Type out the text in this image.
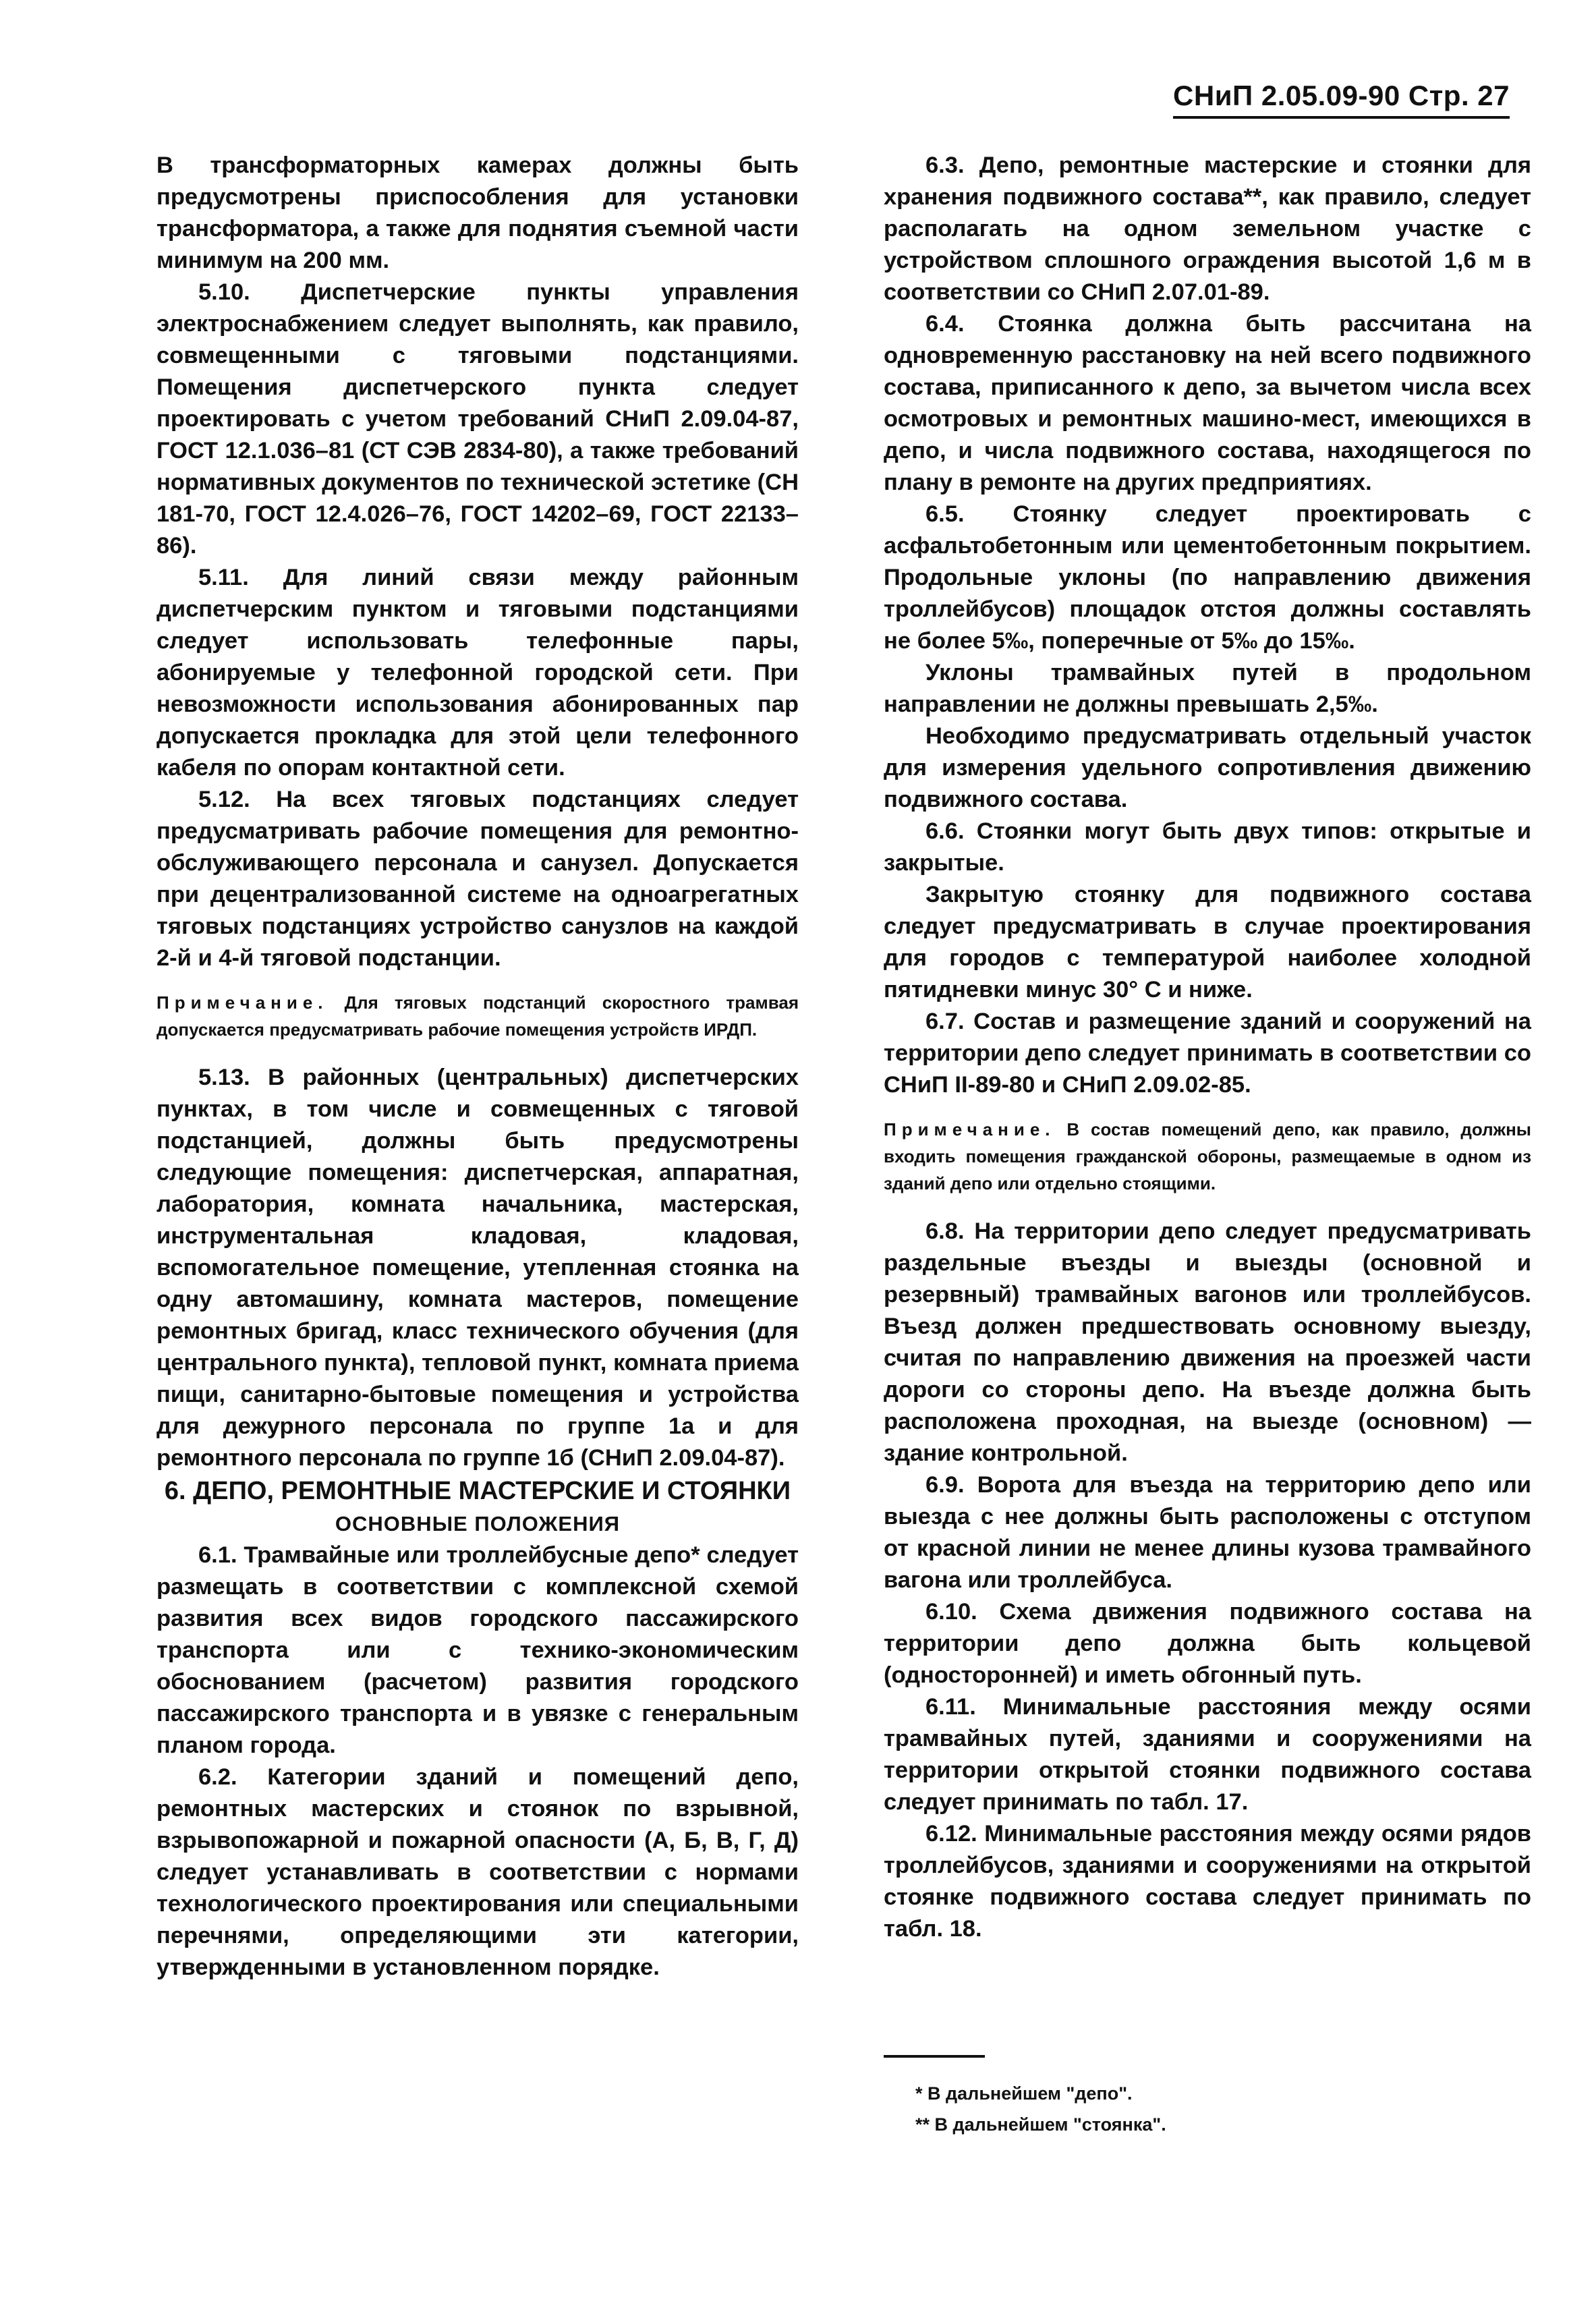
СНиП 2.05.09-90 Стр. 27

В трансформаторных камерах должны быть предусмотрены приспособления для установки трансформатора, а также для поднятия съемной части минимум на 200 мм.

5.10. Диспетчерские пункты управления электроснабжением следует выполнять, как правило, совмещенными с тяговыми подстанциями. Помещения диспетчерского пункта следует проектировать с учетом требований СНиП 2.09.04-87, ГОСТ 12.1.036–81 (СТ СЭВ 2834-80), а также требований нормативных документов по технической эстетике (СН 181-70, ГОСТ 12.4.026–76, ГОСТ 14202–69, ГОСТ 22133–86).

5.11. Для линий связи между районным диспетчерским пунктом и тяговыми подстанциями следует использовать телефонные пары, абонируемые у телефонной городской сети. При невозможности использования абонированных пар допускается прокладка для этой цели телефонного кабеля по опорам контактной сети.

5.12. На всех тяговых подстанциях следует предусматривать рабочие помещения для ремонтно-обслуживающего персонала и санузел. Допускается при децентрализованной системе на одноагрегатных тяговых подстанциях устройство санузлов на каждой 2-й и 4-й тяговой подстанции.

Примечание. Для тяговых подстанций скоростного трамвая допускается предусматривать рабочие помещения устройств ИРДП.

5.13. В районных (центральных) диспетчерских пунктах, в том числе и совмещенных с тяговой подстанцией, должны быть предусмотрены следующие помещения: диспетчерская, аппаратная, лаборатория, комната начальника, мастерская, инструментальная кладовая, кладовая, вспомогательное помещение, утепленная стоянка на одну автомашину, комната мастеров, помещение ремонтных бригад, класс технического обучения (для центрального пункта), тепловой пункт, комната приема пищи, санитарно-бытовые помещения и устройства для дежурного персонала по группе 1а и для ремонтного персонала по группе 1б (СНиП 2.09.04-87).

6. ДЕПО, РЕМОНТНЫЕ МАСТЕРСКИЕ И СТОЯНКИ

ОСНОВНЫЕ ПОЛОЖЕНИЯ

6.1. Трамвайные или троллейбусные депо* следует размещать в соответствии с комплексной схемой развития всех видов городского пассажирского транспорта или с технико-экономическим обоснованием (расчетом) развития городского пассажирского транспорта и в увязке с генеральным планом города.

6.2. Категории зданий и помещений депо, ремонтных мастерских и стоянок по взрывной, взрывопожарной и пожарной опасности (А, Б, В, Г, Д) следует устанавливать в соответствии с нормами технологического проектирования или специальными перечнями, определяющими эти категории, утвержденными в установленном порядке.

6.3. Депо, ремонтные мастерские и стоянки для хранения подвижного состава**, как правило, следует располагать на одном земельном участке с устройством сплошного ограждения высотой 1,6 м в соответствии со СНиП 2.07.01-89.

6.4. Стоянка должна быть рассчитана на одновременную расстановку на ней всего подвижного состава, приписанного к депо, за вычетом числа всех осмотровых и ремонтных машино-мест, имеющихся в депо, и числа подвижного состава, находящегося по плану в ремонте на других предприятиях.

6.5. Стоянку следует проектировать с асфальтобетонным или цементобетонным покрытием. Продольные уклоны (по направлению движения троллейбусов) площадок отстоя должны составлять не более 5‰, поперечные от 5‰ до 15‰.

Уклоны трамвайных путей в продольном направлении не должны превышать 2,5‰.

Необходимо предусматривать отдельный участок для измерения удельного сопротивления движению подвижного состава.

6.6. Стоянки могут быть двух типов: открытые и закрытые.

Закрытую стоянку для подвижного состава следует предусматривать в случае проектирования для городов с температурой наиболее холодной пятидневки минус 30° С и ниже.

6.7. Состав и размещение зданий и сооружений на территории депо следует принимать в соответствии со СНиП II-89-80 и СНиП 2.09.02-85.

Примечание. В состав помещений депо, как правило, должны входить помещения гражданской обороны, размещаемые в одном из зданий депо или отдельно стоящими.

6.8. На территории депо следует предусматривать раздельные въезды и выезды (основной и резервный) трамвайных вагонов или троллейбусов. Въезд должен предшествовать основному выезду, считая по направлению движения на проезжей части дороги со стороны депо. На въезде должна быть расположена проходная, на выезде (основном) — здание контрольной.

6.9. Ворота для въезда на территорию депо или выезда с нее должны быть расположены с отступом от красной линии не менее длины кузова трамвайного вагона или троллейбуса.

6.10. Схема движения подвижного состава на территории депо должна быть кольцевой (односторонней) и иметь обгонный путь.

6.11. Минимальные расстояния между осями трамвайных путей, зданиями и сооружениями на территории открытой стоянки подвижного состава следует принимать по табл. 17.

6.12. Минимальные расстояния между осями рядов троллейбусов, зданиями и сооружениями на открытой стоянке подвижного состава следует принимать по табл. 18.

* В дальнейшем "депо".
** В дальнейшем "стоянка".
